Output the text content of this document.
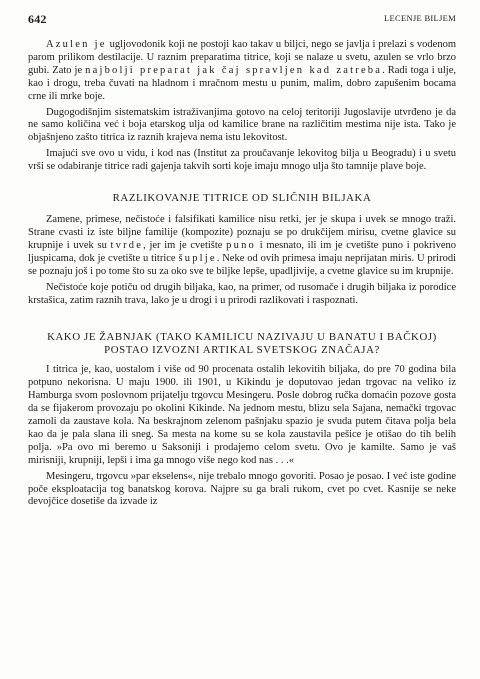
642	LECENJE BILJEM

Azulen je ugljovodonik koji ne postoji kao takav u biljci, nego se javlja i prelazi s vodenom parom prilikom destilacije. U raznim preparatima titrice, koji se nalaze u svetu, azulen se vrlo brzo gubi. Zato je najbolji preparat jak čaj spravljen kad zatreba. Radi toga i ulje, kao i drogu, treba čuvati na hladnom i mračnom mestu u punim, malim, dobro zapušenim bocama crne ili mrke boje.

Dugogodišnjim sistematskim istraživanjima gotovo na celoj teritoriji Jugoslavije utvrđeno je da ne samo količina već i boja etarskog ulja od kamilice brane na različitim mestima nije ista. Tako je objašnjeno zašto titrica iz raznih krajeva nema istu lekovitost.

Imajući sve ovo u vidu, i kod nas (Institut za proučavanje lekovitog bilja u Beogradu) i u svetu vrši se odabiranje titrice radi gajenja takvih sorti koje imaju mnogo ulja što tamnije plave boje.

RAZLIKOVANJE TITRICE OD SLIČNIH BILJAKA

Zamene, primese, nečistoće i falsifikati kamilice nisu retki, jer je skupa i uvek se mnogo traži. Strane cvasti iz iste biljne familije (kompozite) poznaju se po drukčijem mirisu, cvetne glavice su krupnije i uvek su tvrde, jer im je cvetište puno i mesnato, ili im je cvetište puno i pokriveno ljuspicama, dok je cvetište u titrice šuplje. Neke od ovih primesa imaju neprijatan miris. U prirodi se poznaju još i po tome što su za oko sve te biljke lepše, upadljivije, a cvetne glavice su im krupnije.

Nečistoće koje potiču od drugih biljaka, kao, na primer, od rusomače i drugih biljaka iz porodice krstašica, zatim raznih trava, lako je u drogi i u prirodi razlikovati i raspoznati.

KAKO JE ŽABNJAK (TAKO KAMILICU NAZIVAJU U BANATU I BAČKOJ)
POSTAO IZVOZNI ARTIKAL SVETSKOG ZNAČAJA?

I titrica je, kao, uostalom i više od 90 procenata ostalih lekovitih biljaka, do pre 70 godina bila potpuno nekorisna. U maju 1900. ili 1901, u Kikindu je doputovao jedan trgovac na veliko iz Hamburga svom poslovnom prijatelju trgovcu Mesingeru. Posle dobrog ručka domaćin pozove gosta da se fijakerom provozaju po okolini Kikinde. Na jednom mestu, blizu sela Sajana, nemački trgovac zamoli da zaustave kola. Na beskrajnom zelenom pašnjaku spazio je svuda putem čitava polja bela kao da je pala slana ili sneg. Sa mesta na kome su se kola zaustavila pešice je otišao do tih belih polja. »Pa ovo mi beremo u Saksoniji i prodajemo celom svetu. Ovo je kamilte. Samo je vaš mirisniji, krupniji, lepši i ima ga mnogo više nego kod nas . . .«

Mesingeru, trgovcu »par ekselens«, nije trebalo mnogo govoriti. Posao je posao. I već iste godine poče eksploatacija tog banatskog korova. Najpre su ga brali rukom, cvet po cvet. Kasnije se neke devojčice dosetiše da izvade iz
